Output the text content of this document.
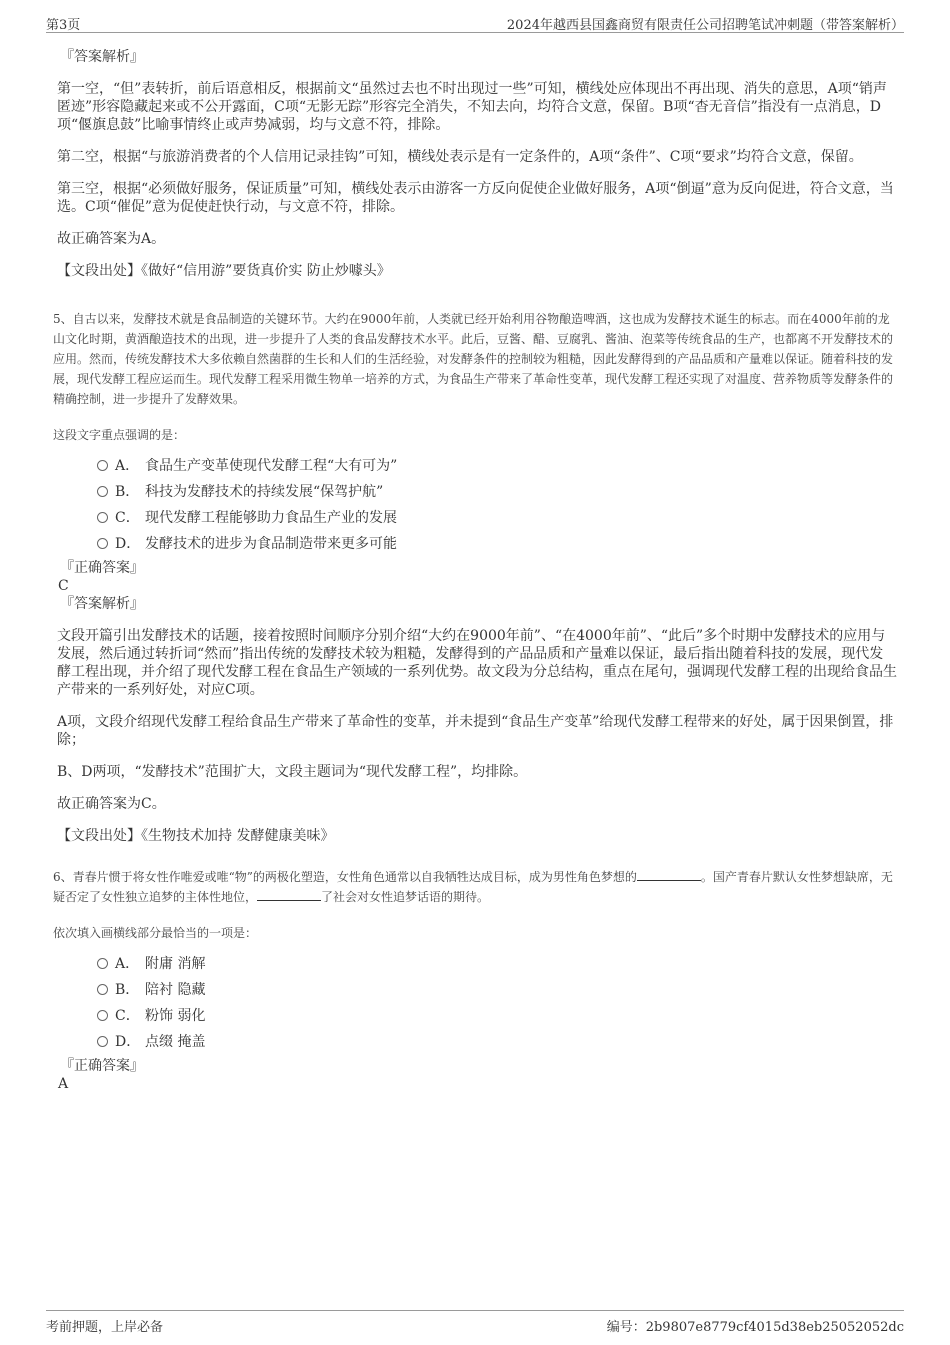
第3页	2024年越西县国鑫商贸有限责任公司招聘笔试冲刺题（带答案解析）

『答案解析』

第一空，“但”表转折，前后语意相反，根据前文“虽然过去也不时出现过一些”可知，横线处应体现出不再出现、消失的意思，A项“销声匿迹”形容隐藏起来或不公开露面，C项“无影无踪”形容完全消失，不知去向，均符合文意，保留。B项“杳无音信”指没有一点消息，D项“偃旗息鼓”比喻事情终止或声势减弱，均与文意不符，排除。

第二空，根据“与旅游消费者的个人信用记录挂钩”可知，横线处表示是有一定条件的，A项“条件”、C项“要求”均符合文意，保留。

第三空，根据“必须做好服务，保证质量”可知，横线处表示由游客一方反向促使企业做好服务，A项“倒逼”意为反向促进，符合文意，当选。C项“催促”意为促使赶快行动，与文意不符，排除。

故正确答案为A。

【文段出处】《做好“信用游”要货真价实 防止炒噱头》

5、自古以来，发酵技术就是食品制造的关键环节。大约在9000年前，人类就已经开始利用谷物酿造啤酒，这也成为发酵技术诞生的标志。而在4000年前的龙山文化时期，黄酒酿造技术的出现，进一步提升了人类的食品发酵技术水平。此后，豆酱、醋、豆腐乳、酱油、泡菜等传统食品的生产，也都离不开发酵技术的应用。然而，传统发酵技术大多依赖自然菌群的生长和人们的生活经验，对发酵条件的控制较为粗糙，因此发酵得到的产品品质和产量难以保证。随着科技的发展，现代发酵工程应运而生。现代发酵工程采用微生物单一培养的方式，为食品生产带来了革命性变革，现代发酵工程还实现了对温度、营养物质等发酵条件的精确控制，进一步提升了发酵效果。

这段文字重点强调的是：

A． 食品生产变革使现代发酵工程“大有可为”
B． 科技为发酵技术的持续发展“保驾护航”
C． 现代发酵工程能够助力食品生产业的发展
D． 发酵技术的进步为食品制造带来更多可能

『正确答案』

C

『答案解析』

文段开篇引出发酵技术的话题，接着按照时间顺序分别介绍“大约在9000年前”、“在4000年前”、“此后”多个时期中发酵技术的应用与发展，然后通过转折词“然而”指出传统的发酵技术较为粗糙，发酵得到的产品品质和产量难以保证，最后指出随着科技的发展，现代发酵工程出现，并介绍了现代发酵工程在食品生产领域的一系列优势。故文段为分总结构，重点在尾句，强调现代发酵工程的出现给食品生产带来的一系列好处，对应C项。

A项，文段介绍现代发酵工程给食品生产带来了革命性的变革，并未提到“食品生产变革”给现代发酵工程带来的好处，属于因果倒置，排除；

B、D两项，“发酵技术”范围扩大，文段主题词为“现代发酵工程”，均排除。

故正确答案为C。

【文段出处】《生物技术加持 发酵健康美味》

6、青春片惯于将女性作唯爱或唯“物”的两极化塑造，女性角色通常以自我牺牲达成目标，成为男性角色梦想的	。国产青春片默认女性梦想缺席，无疑否定了女性独立追梦的主体性地位，	了社会对女性追梦话语的期待。

依次填入画横线部分最恰当的一项是：

A． 附庸 消解
B． 陪衬 隐藏
C． 粉饰 弱化
D． 点缀 掩盖

『正确答案』

A

考前押题，上岸必备	编号：2b9807e8779cf4015d38eb25052052dc
